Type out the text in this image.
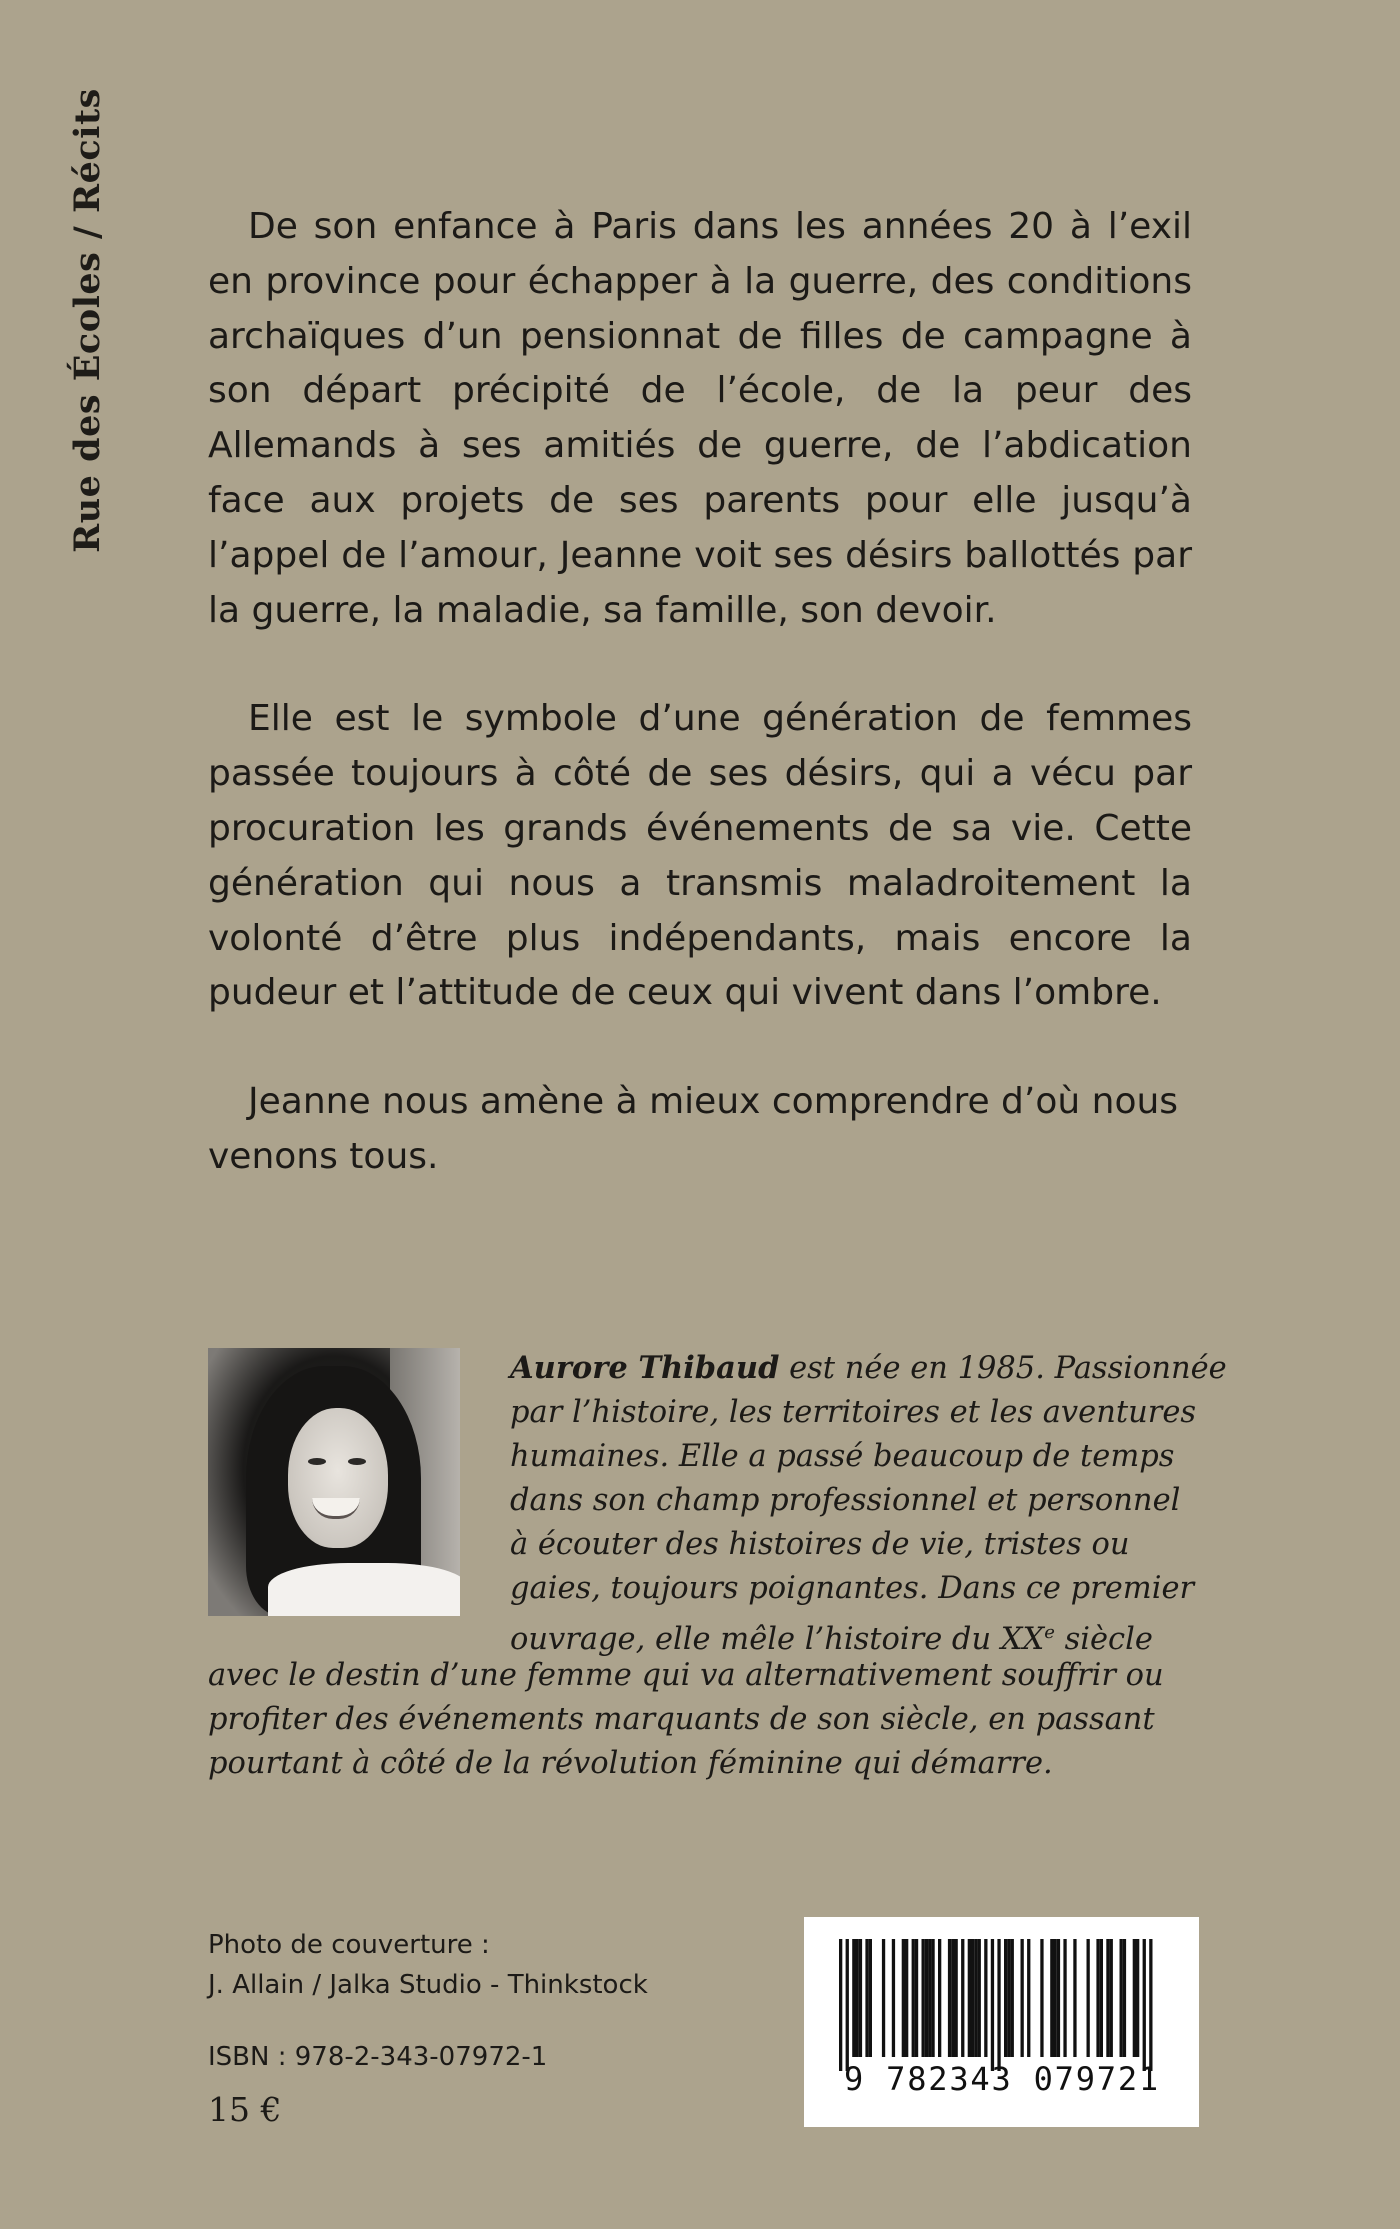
Rue des Écoles / Récits	De son enfance à Paris dans les années 20 à l’exil en province pour échapper à la guerre, des conditions archaïques d’un pensionnat de filles de campagne à son départ précipité de l’école, de la peur des Allemands à ses amitiés de guerre, de l’abdication face aux projets de ses parents pour elle jusqu’à l’appel de l’amour, Jeanne voit ses désirs ballottés par la guerre, la maladie, sa famille, son devoir.

Elle est le symbole d’une génération de femmes passée toujours à côté de ses désirs, qui a vécu par procuration les grands événements de sa vie. Cette génération qui nous a transmis maladroitement la volonté d’être plus indépendants, mais encore la pudeur et l’attitude de ceux qui vivent dans l’ombre.

Jeanne nous amène à mieux comprendre d’où nous venons tous.

Aurore Thibaud est née en 1985. Passionnée
par l’histoire, les territoires et les aventures
humaines. Elle a passé beaucoup de temps
dans son champ professionnel et personnel
à écouter des histoires de vie, tristes ou
gaies, toujours poignantes. Dans ce premier
ouvrage, elle mêle l’histoire du XXe siècle
avec le destin d’une femme qui va alternativement souffrir ou
profiter des événements marquants de son siècle, en passant
pourtant à côté de la révolution féminine qui démarre.
Photo de couverture :
J. Allain / Jalka Studio - Thinkstock
ISBN : 978-2-343-07972-1
15 €
9 782343 079721
